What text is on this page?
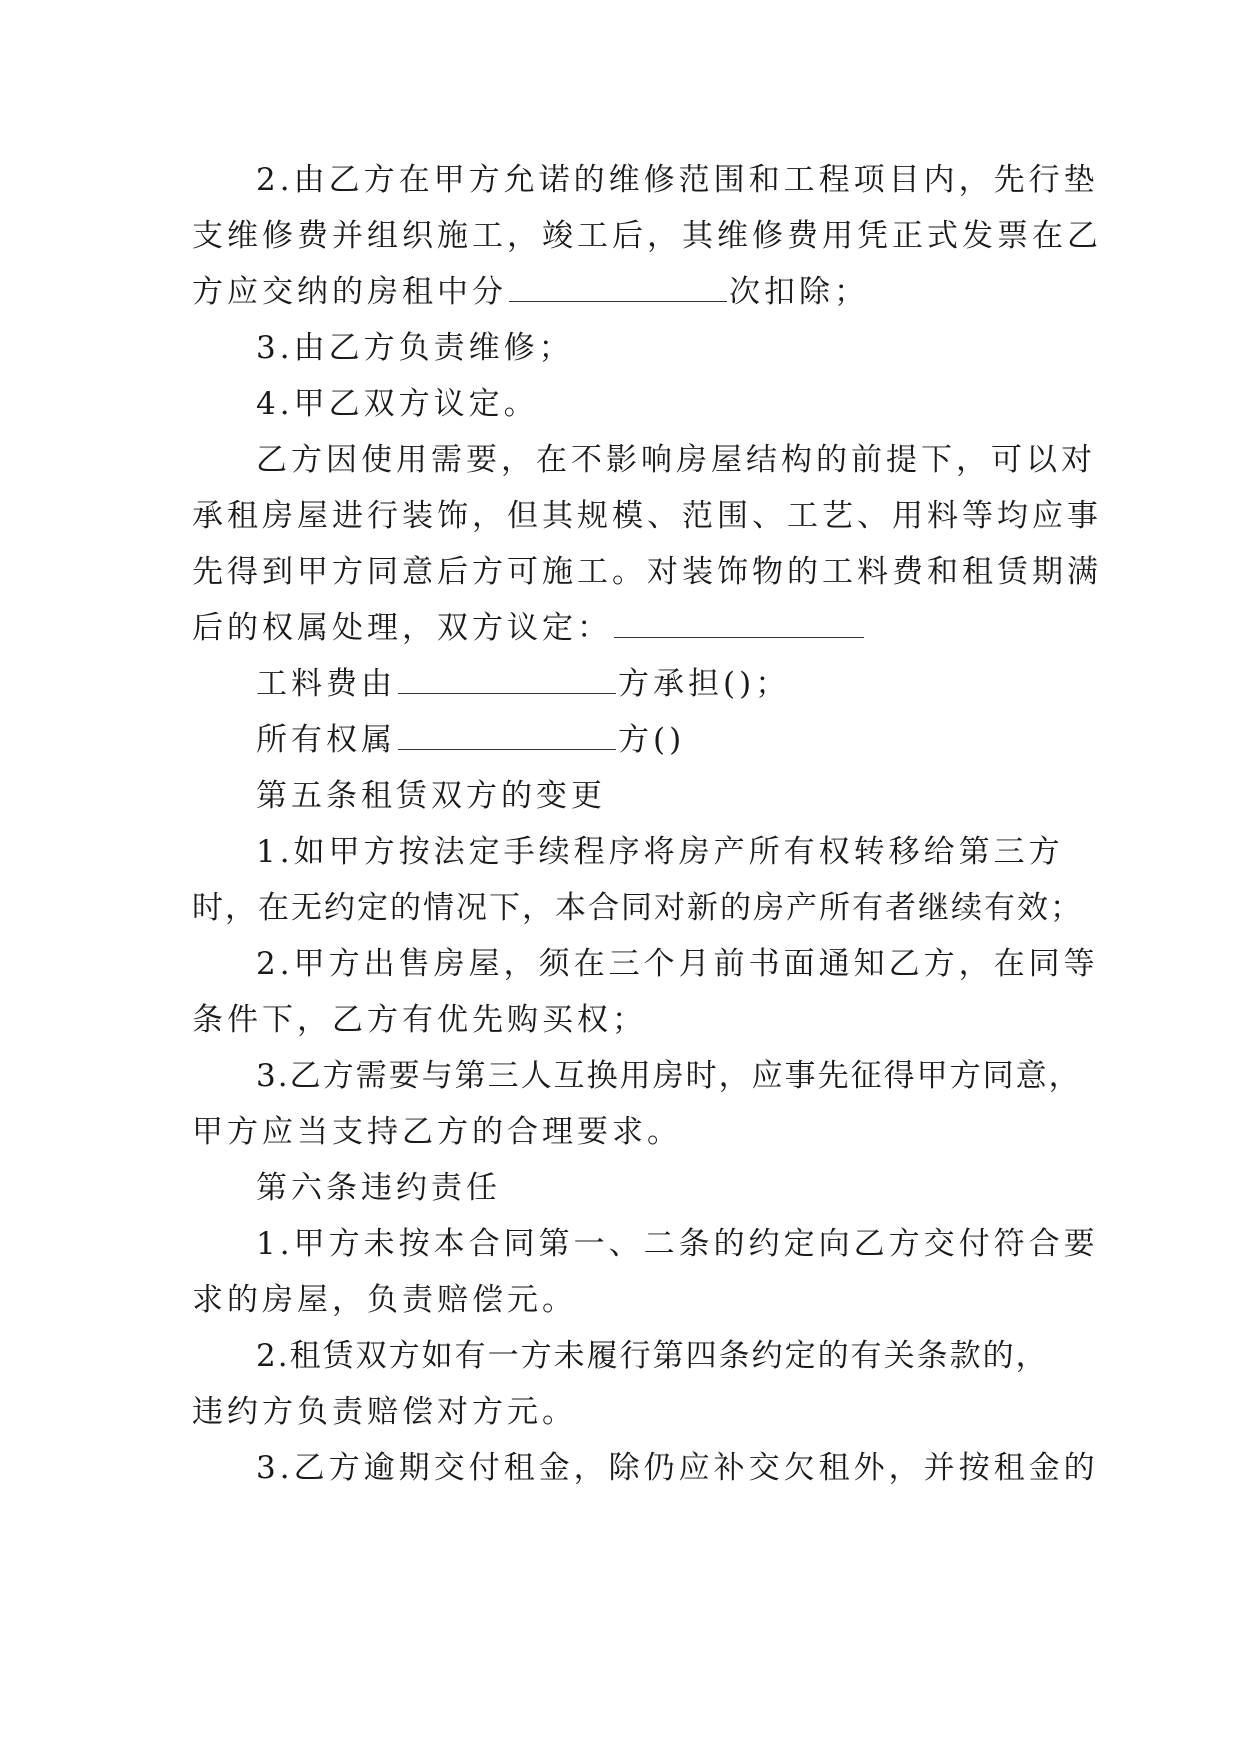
2.由乙方在甲方允诺的维修范围和工程项目内，先行垫
支维修费并组织施工，竣工后，其维修费用凭正式发票在乙
方应交纳的房租中分	次扣除；
3.由乙方负责维修；
4.甲乙双方议定。
乙方因使用需要，在不影响房屋结构的前提下，可以对
承租房屋进行装饰，但其规模、范围、工艺、用料等均应事
先得到甲方同意后方可施工。对装饰物的工料费和租赁期满
后的权属处理，双方议定：
工料费由	方承担()；
所有权属	方()
第五条租赁双方的变更
1.如甲方按法定手续程序将房产所有权转移给第三方
时，在无约定的情况下，本合同对新的房产所有者继续有效；
2.甲方出售房屋，须在三个月前书面通知乙方，在同等
条件下，乙方有优先购买权；
3.乙方需要与第三人互换用房时，应事先征得甲方同意，
甲方应当支持乙方的合理要求。
第六条违约责任
1.甲方未按本合同第一、二条的约定向乙方交付符合要
求的房屋，负责赔偿元。
2.租赁双方如有一方未履行第四条约定的有关条款的，
违约方负责赔偿对方元。
3.乙方逾期交付租金，除仍应补交欠租外，并按租金的
